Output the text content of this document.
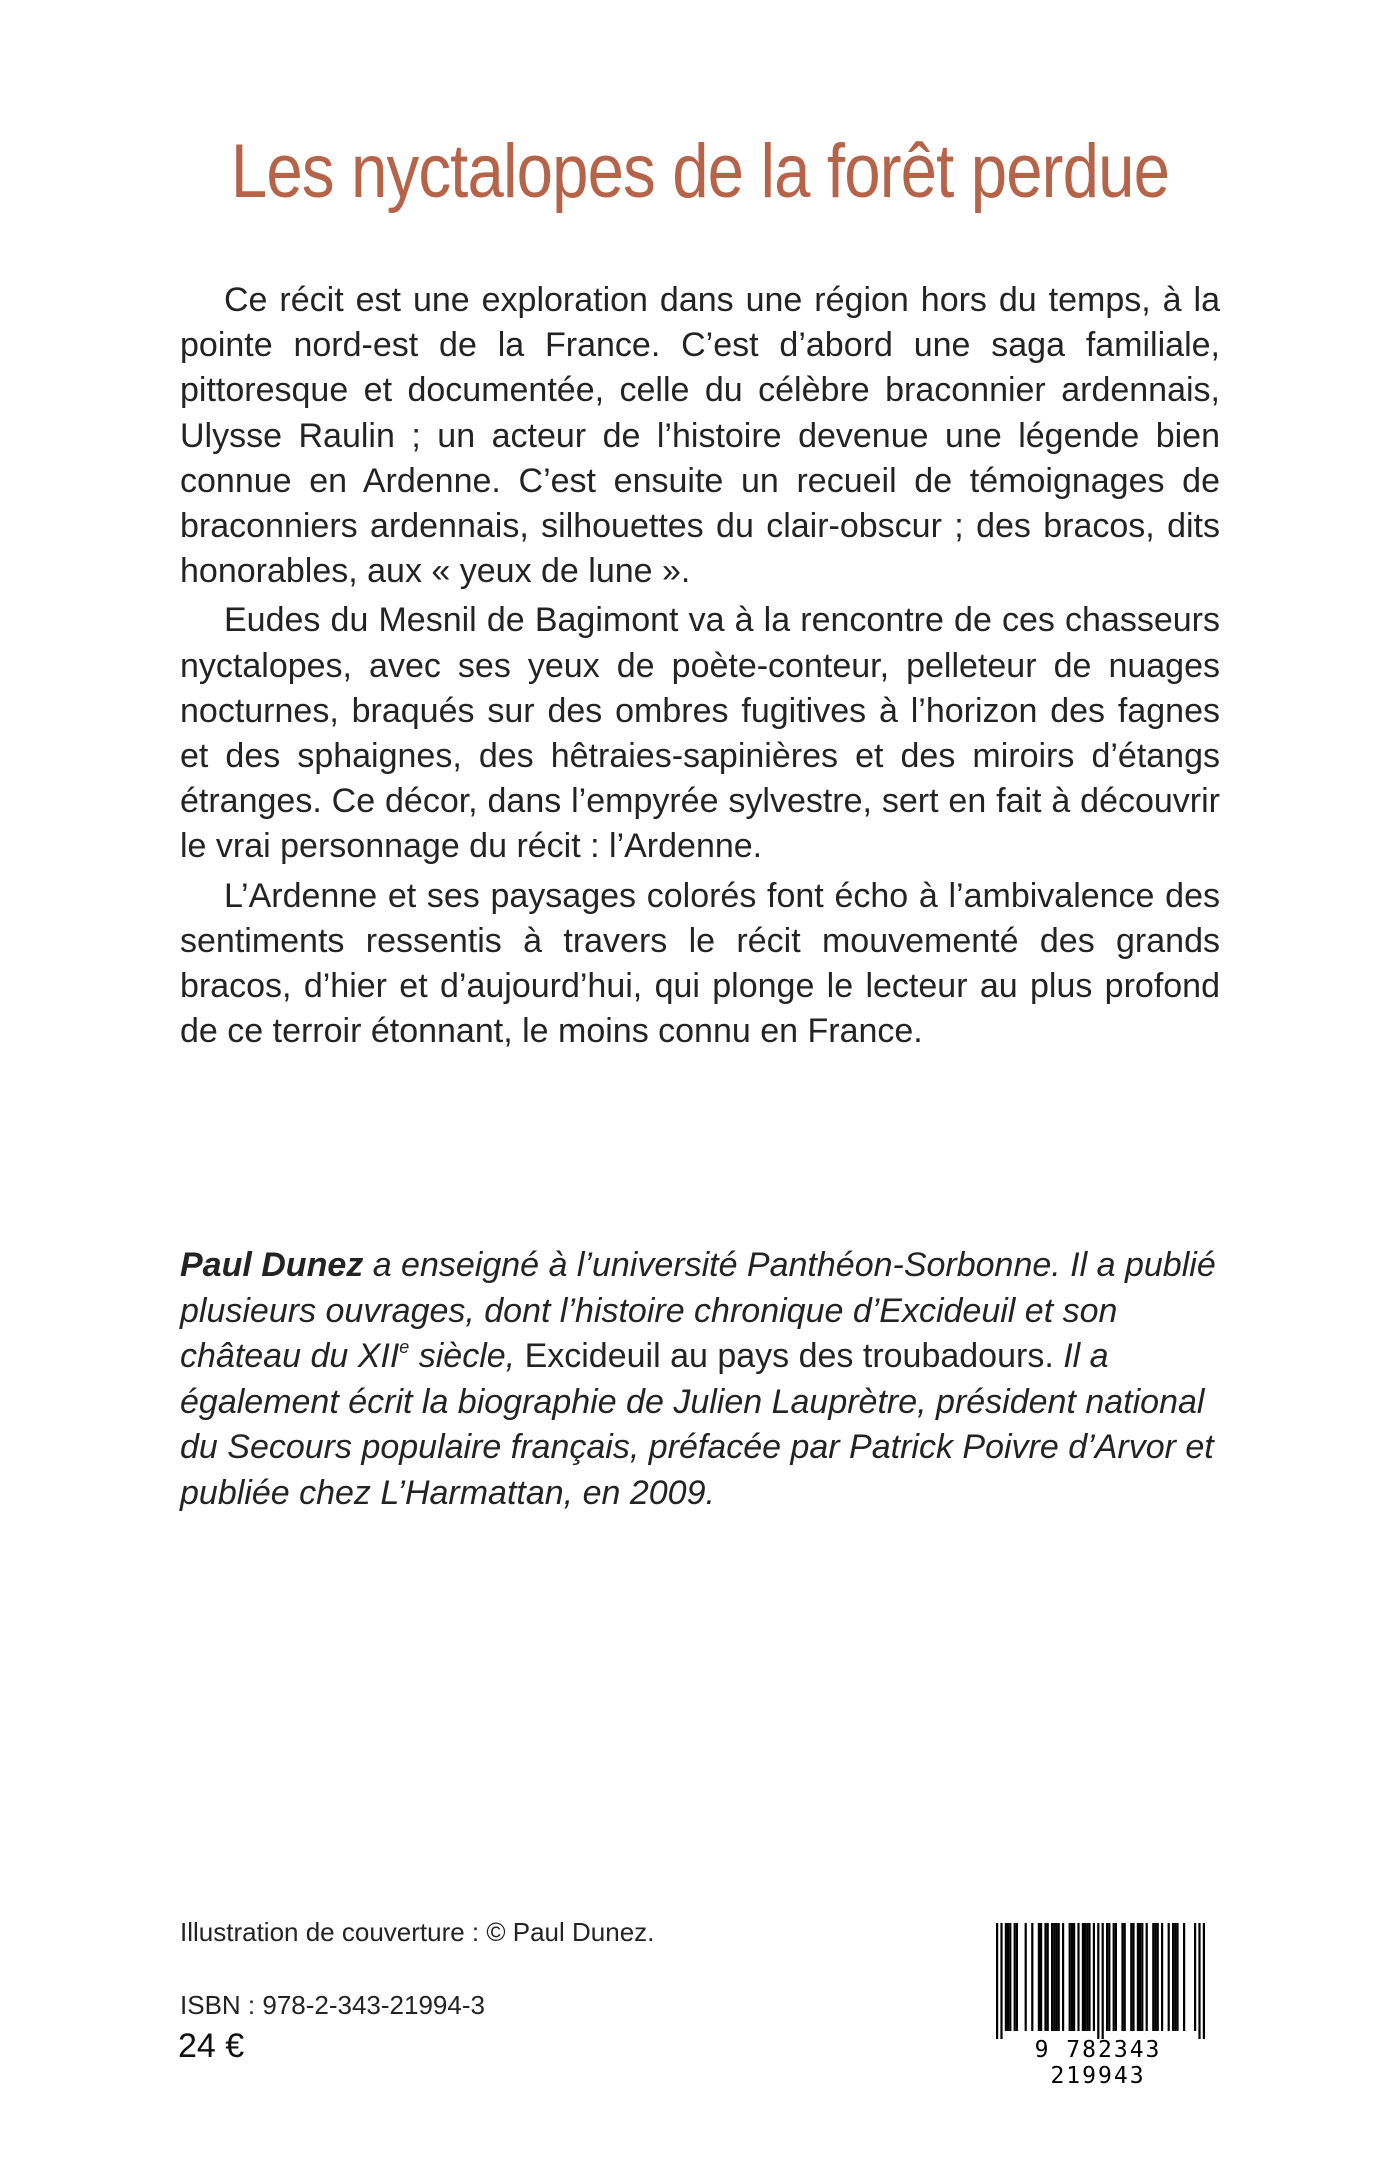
Les nyctalopes de la forêt perdue

Ce récit est une exploration dans une région hors du temps, à la pointe nord-est de la France. C’est d’abord une saga familiale, pittoresque et documentée, celle du célèbre braconnier ardennais, Ulysse Raulin ; un acteur de l’histoire devenue une légende bien connue en Ardenne. C’est ensuite un recueil de témoignages de braconniers ardennais, silhouettes du clair-obscur ; des bracos, dits honorables, aux « yeux de lune ».

Eudes du Mesnil de Bagimont va à la rencontre de ces chasseurs nyctalopes, avec ses yeux de poète-conteur, pelleteur de nuages nocturnes, braqués sur des ombres fugitives à l’horizon des fagnes et des sphaignes, des hêtraies-sapinières et des miroirs d’étangs étranges. Ce décor, dans l’empyrée sylvestre, sert en fait à découvrir le vrai personnage du récit : l’Ardenne.

L’Ardenne et ses paysages colorés font écho à l’ambivalence des sentiments ressentis à travers le récit mouvementé des grands bracos, d’hier et d’aujourd’hui, qui plonge le lecteur au plus profond de ce terroir étonnant, le moins connu en France.

Paul Dunez a enseigné à l’université Panthéon-Sorbonne. Il a publié plusieurs ouvrages, dont l’histoire chronique d’Excideuil et son château du XIIe siècle, Excideuil au pays des troubadours. Il a également écrit la biographie de Julien Lauprètre, président national du Secours populaire français, préfacée par Patrick Poivre d’Arvor et publiée chez L’Harmattan, en 2009.

Illustration de couverture : © Paul Dunez.
ISBN : 978-2-343-21994-3
24 €	9 782343 219943
